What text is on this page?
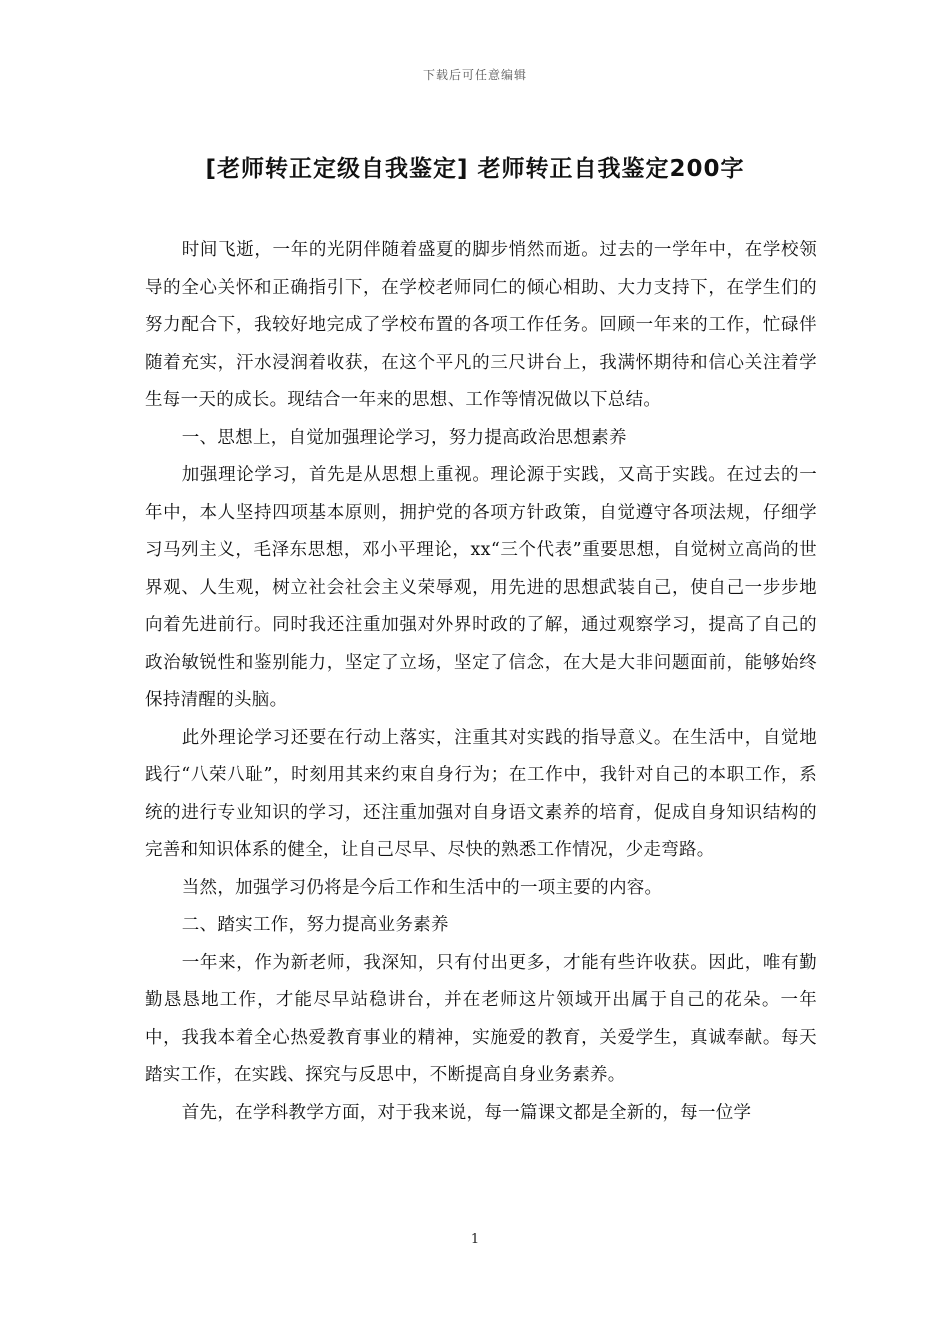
下载后可任意编辑
[老师转正定级自我鉴定] 老师转正自我鉴定200字

时间飞逝，一年的光阴伴随着盛夏的脚步悄然而逝。过去的一学年中，在学校领导的全心关怀和正确指引下，在学校老师同仁的倾心相助、大力支持下，在学生们的努力配合下，我较好地完成了学校布置的各项工作任务。回顾一年来的工作，忙碌伴随着充实，汗水浸润着收获，在这个平凡的三尺讲台上，我满怀期待和信心关注着学生每一天的成长。现结合一年来的思想、工作等情况做以下总结。

一、思想上，自觉加强理论学习，努力提高政治思想素养

加强理论学习，首先是从思想上重视。理论源于实践，又高于实践。在过去的一年中，本人坚持四项基本原则，拥护党的各项方针政策，自觉遵守各项法规，仔细学习马列主义，毛泽东思想，邓小平理论，xx“三个代表”重要思想，自觉树立高尚的世界观、人生观，树立社会社会主义荣辱观，用先进的思想武装自己，使自己一步步地向着先进前行。同时我还注重加强对外界时政的了解，通过观察学习，提高了自己的政治敏锐性和鉴别能力，坚定了立场，坚定了信念，在大是大非问题面前，能够始终保持清醒的头脑。

此外理论学习还要在行动上落实，注重其对实践的指导意义。在生活中，自觉地践行“八荣八耻”，时刻用其来约束自身行为；在工作中，我针对自己的本职工作，系统的进行专业知识的学习，还注重加强对自身语文素养的培育，促成自身知识结构的完善和知识体系的健全，让自己尽早、尽快的熟悉工作情况，少走弯路。

当然，加强学习仍将是今后工作和生活中的一项主要的内容。

二、踏实工作，努力提高业务素养

一年来，作为新老师，我深知，只有付出更多，才能有些许收获。因此，唯有勤勤恳恳地工作，才能尽早站稳讲台，并在老师这片领域开出属于自己的花朵。一年中，我我本着全心热爱教育事业的精神，实施爱的教育，关爱学生，真诚奉献。每天踏实工作，在实践、探究与反思中，不断提高自身业务素养。

首先，在学科教学方面，对于我来说，每一篇课文都是全新的，每一位学

1
